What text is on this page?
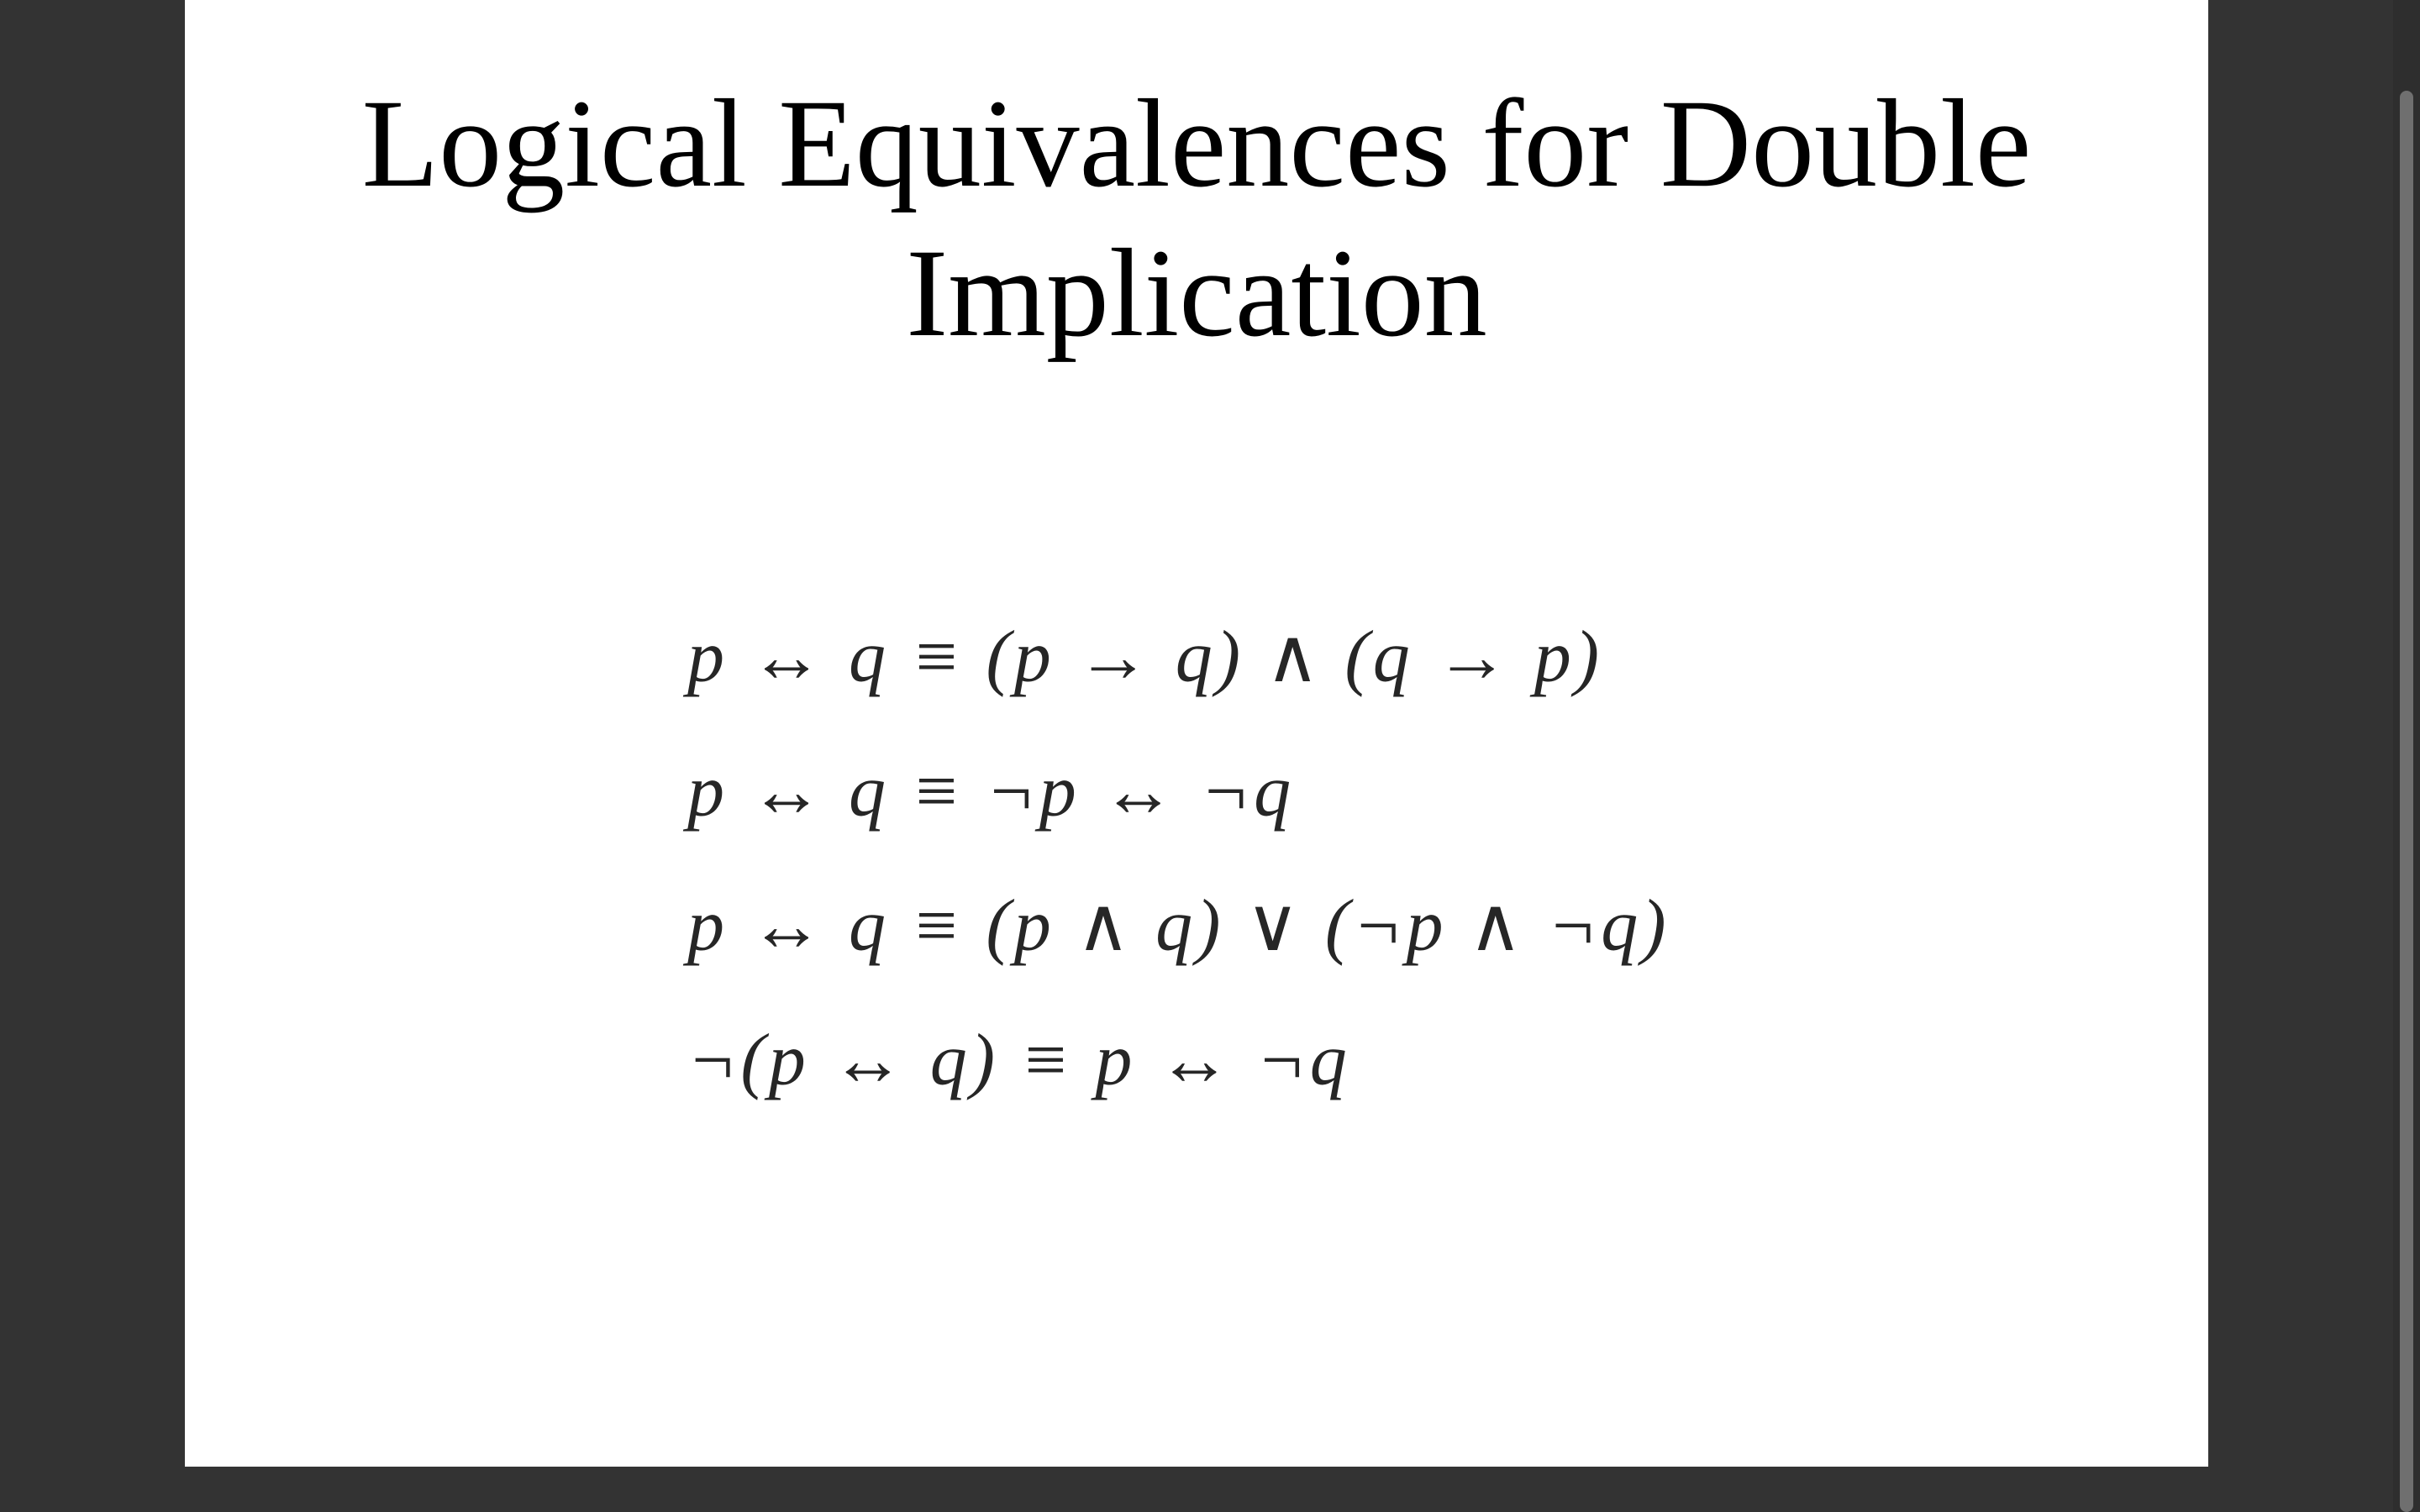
Logical Equivalences for Double
Implication
p ↔ q ≡ (p → q) ∧ (q → p)
p ↔ q ≡ ¬p ↔ ¬q
p ↔ q ≡ (p ∧ q) ∨ (¬p ∧ ¬q)
¬(p ↔ q) ≡ p ↔ ¬q
